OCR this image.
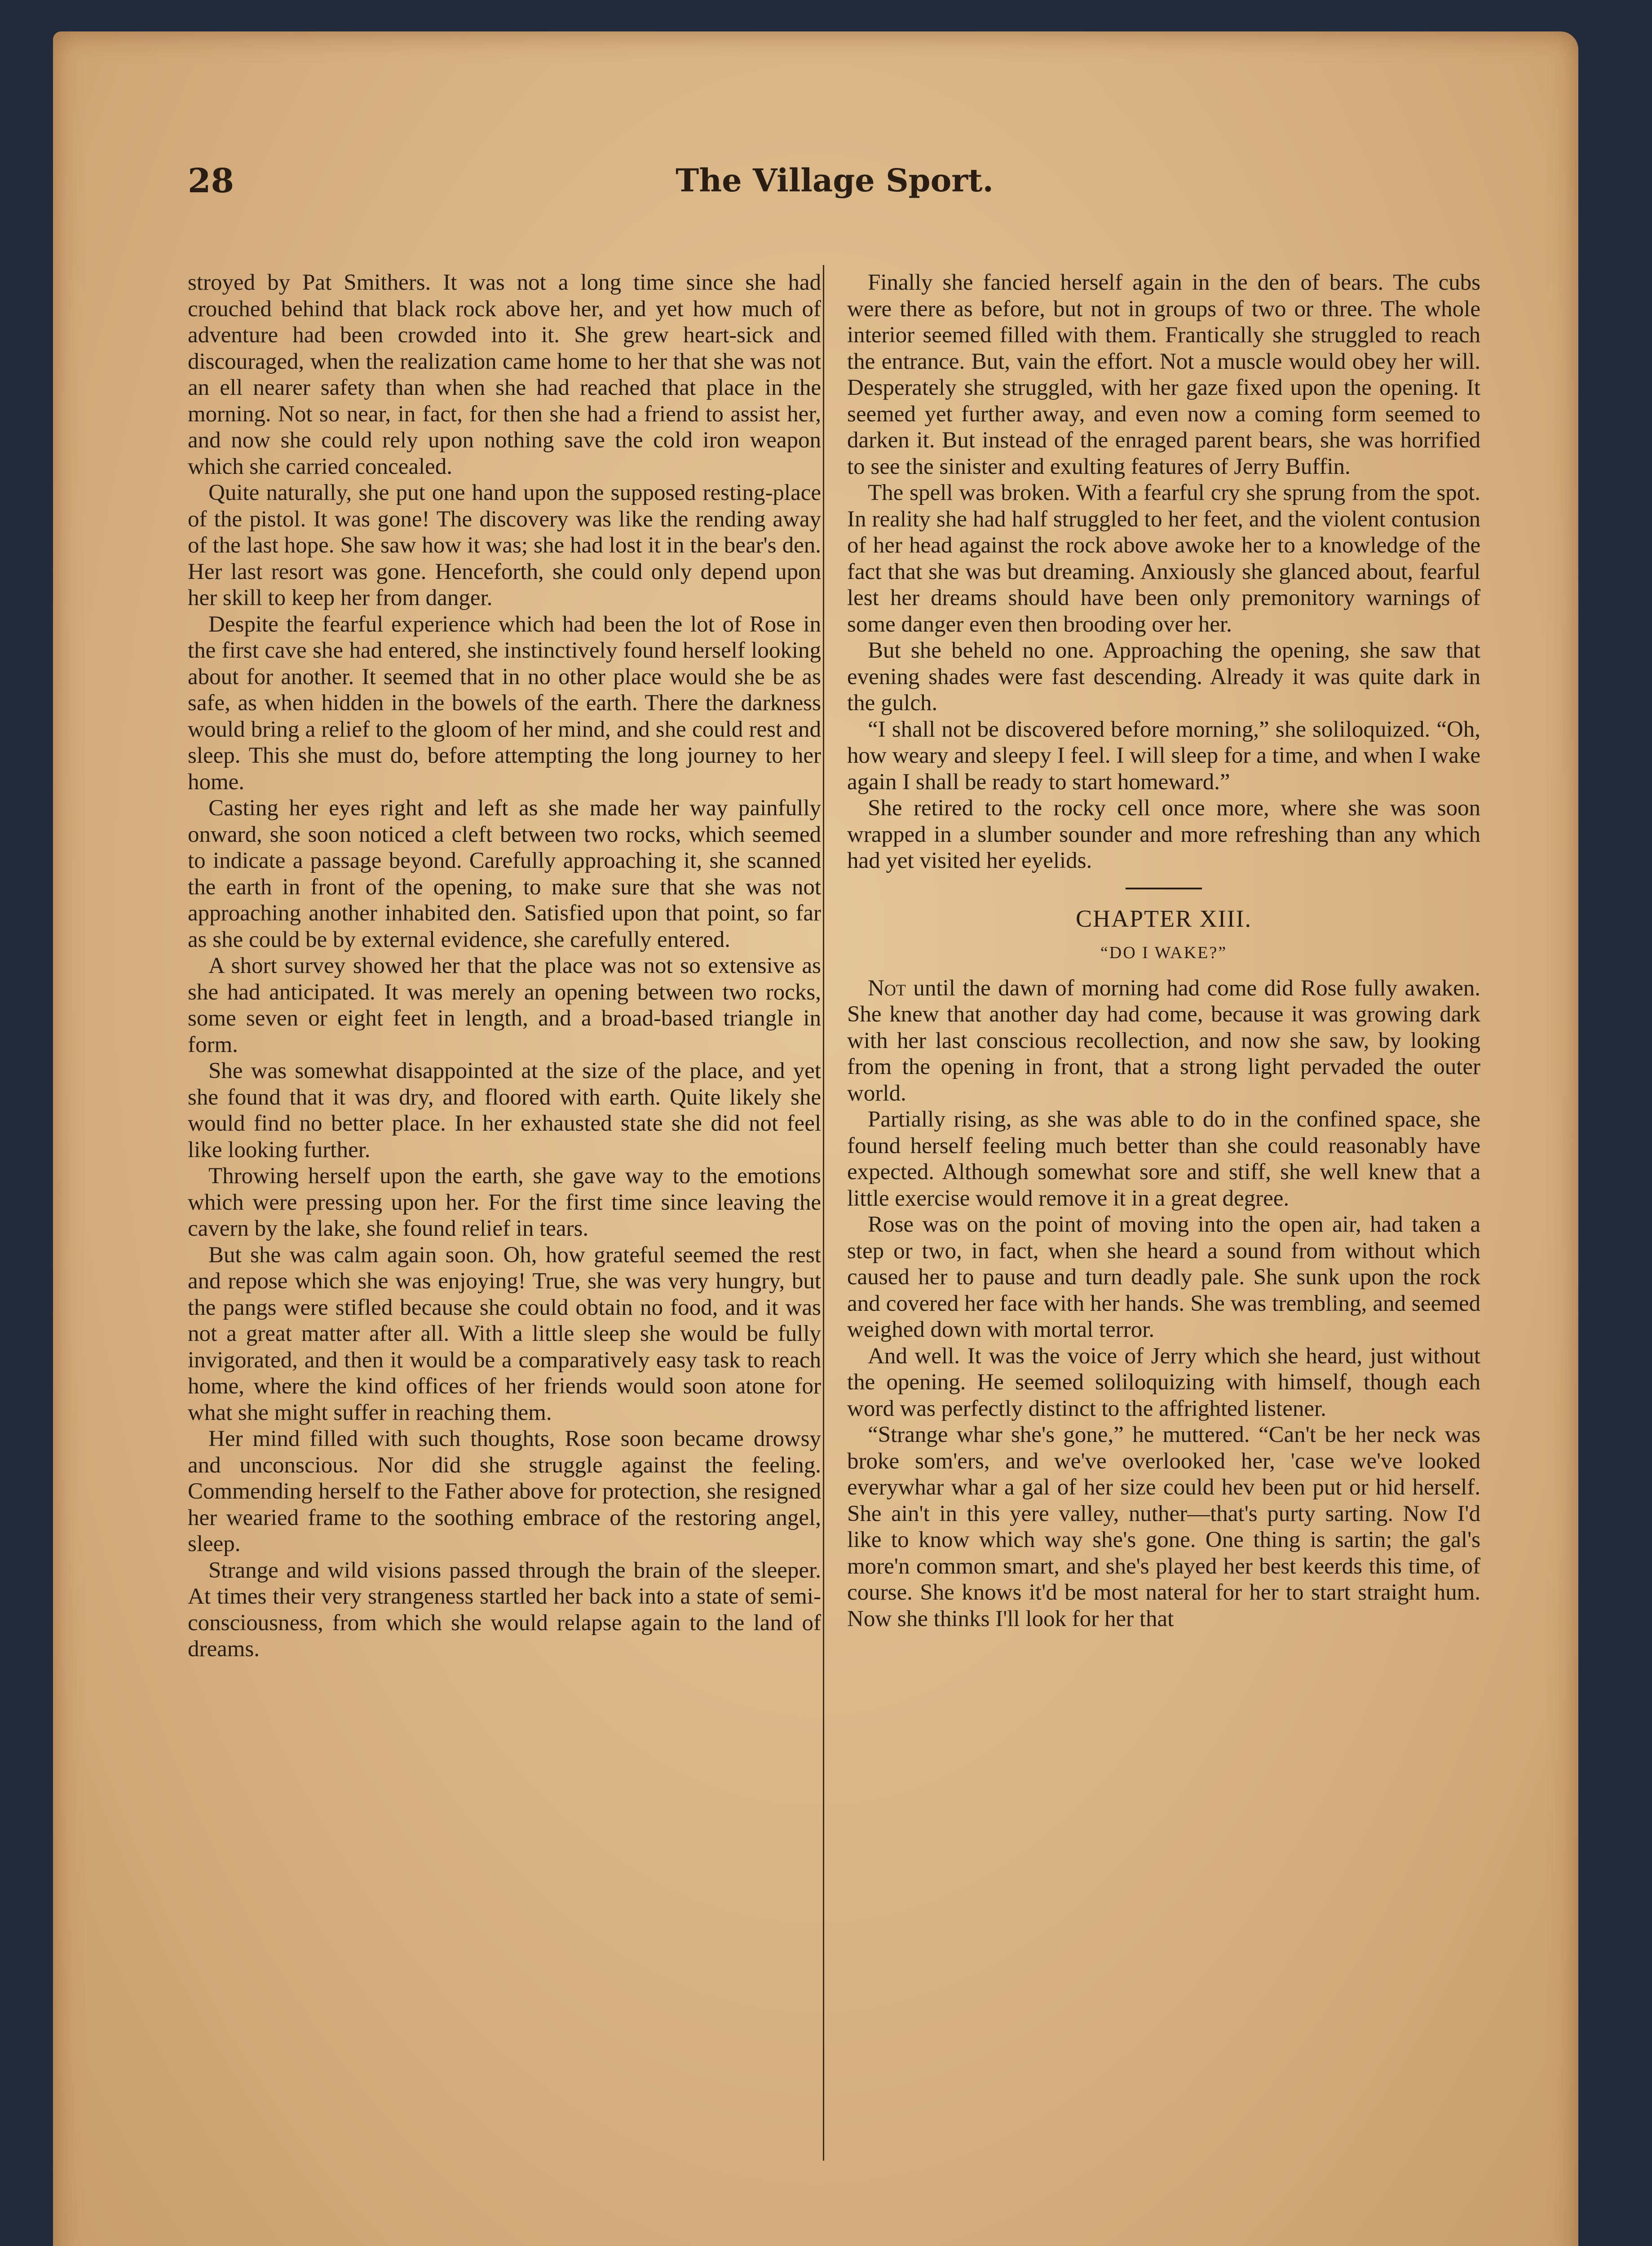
28	The Village Sport.

stroyed by Pat Smithers. It was not a long time since she had crouched behind that black rock above her, and yet how much of adventure had been crowded into it. She grew heart-sick and discouraged, when the realization came home to her that she was not an ell nearer safety than when she had reached that place in the morning. Not so near, in fact, for then she had a friend to assist her, and now she could rely upon nothing save the cold iron weapon which she carried concealed.

Quite naturally, she put one hand upon the supposed resting-place of the pistol. It was gone! The discovery was like the rending away of the last hope. She saw how it was; she had lost it in the bear's den. Her last resort was gone. Henceforth, she could only depend upon her skill to keep her from danger.

Despite the fearful experience which had been the lot of Rose in the first cave she had entered, she instinctively found herself looking about for another. It seemed that in no other place would she be as safe, as when hidden in the bowels of the earth. There the darkness would bring a relief to the gloom of her mind, and she could rest and sleep. This she must do, before attempting the long journey to her home.

Casting her eyes right and left as she made her way painfully onward, she soon noticed a cleft between two rocks, which seemed to indicate a passage beyond. Carefully approaching it, she scanned the earth in front of the opening, to make sure that she was not approaching another inhabited den. Satisfied upon that point, so far as she could be by external evidence, she carefully entered.

A short survey showed her that the place was not so extensive as she had anticipated. It was merely an opening between two rocks, some seven or eight feet in length, and a broad-based triangle in form.

She was somewhat disappointed at the size of the place, and yet she found that it was dry, and floored with earth. Quite likely she would find no better place. In her exhausted state she did not feel like looking further.

Throwing herself upon the earth, she gave way to the emotions which were pressing upon her. For the first time since leaving the cavern by the lake, she found relief in tears.

But she was calm again soon. Oh, how grateful seemed the rest and repose which she was enjoying! True, she was very hungry, but the pangs were stifled because she could obtain no food, and it was not a great matter after all. With a little sleep she would be fully invigorated, and then it would be a comparatively easy task to reach home, where the kind offices of her friends would soon atone for what she might suffer in reaching them.

Her mind filled with such thoughts, Rose soon became drowsy and unconscious. Nor did she struggle against the feeling. Commending herself to the Father above for protection, she resigned her wearied frame to the soothing embrace of the restoring angel, sleep.

Strange and wild visions passed through the brain of the sleeper. At times their very strangeness startled her back into a state of semi-consciousness, from which she would relapse again to the land of dreams.

Finally she fancied herself again in the den of bears. The cubs were there as before, but not in groups of two or three. The whole interior seemed filled with them. Frantically she struggled to reach the entrance. But, vain the effort. Not a muscle would obey her will. Desperately she struggled, with her gaze fixed upon the opening. It seemed yet further away, and even now a coming form seemed to darken it. But instead of the enraged parent bears, she was horrified to see the sinister and exulting features of Jerry Buffin.

The spell was broken. With a fearful cry she sprung from the spot. In reality she had half struggled to her feet, and the violent contusion of her head against the rock above awoke her to a knowledge of the fact that she was but dreaming. Anxiously she glanced about, fearful lest her dreams should have been only premonitory warnings of some danger even then brooding over her.

But she beheld no one. Approaching the opening, she saw that evening shades were fast descending. Already it was quite dark in the gulch.

“I shall not be discovered before morning,” she soliloquized. “Oh, how weary and sleepy I feel. I will sleep for a time, and when I wake again I shall be ready to start homeward.”

She retired to the rocky cell once more, where she was soon wrapped in a slumber sounder and more refreshing than any which had yet visited her eyelids.

CHAPTER XIII.
“DO I WAKE?”

Not until the dawn of morning had come did Rose fully awaken. She knew that another day had come, because it was growing dark with her last conscious recollection, and now she saw, by looking from the opening in front, that a strong light pervaded the outer world.

Partially rising, as she was able to do in the confined space, she found herself feeling much better than she could reasonably have expected. Although somewhat sore and stiff, she well knew that a little exercise would remove it in a great degree.

Rose was on the point of moving into the open air, had taken a step or two, in fact, when she heard a sound from without which caused her to pause and turn deadly pale. She sunk upon the rock and covered her face with her hands. She was trembling, and seemed weighed down with mortal terror.

And well. It was the voice of Jerry which she heard, just without the opening. He seemed soliloquizing with himself, though each word was perfectly distinct to the affrighted listener.

“Strange whar she's gone,” he muttered. “Can't be her neck was broke som'ers, and we've overlooked her, 'case we've looked everywhar whar a gal of her size could hev been put or hid herself. She ain't in this yere valley, nuther—that's purty sarting. Now I'd like to know which way she's gone. One thing is sartin; the gal's more'n common smart, and she's played her best keerds this time, of course. She knows it'd be most nateral for her to start straight hum. Now she thinks I'll look for her that
